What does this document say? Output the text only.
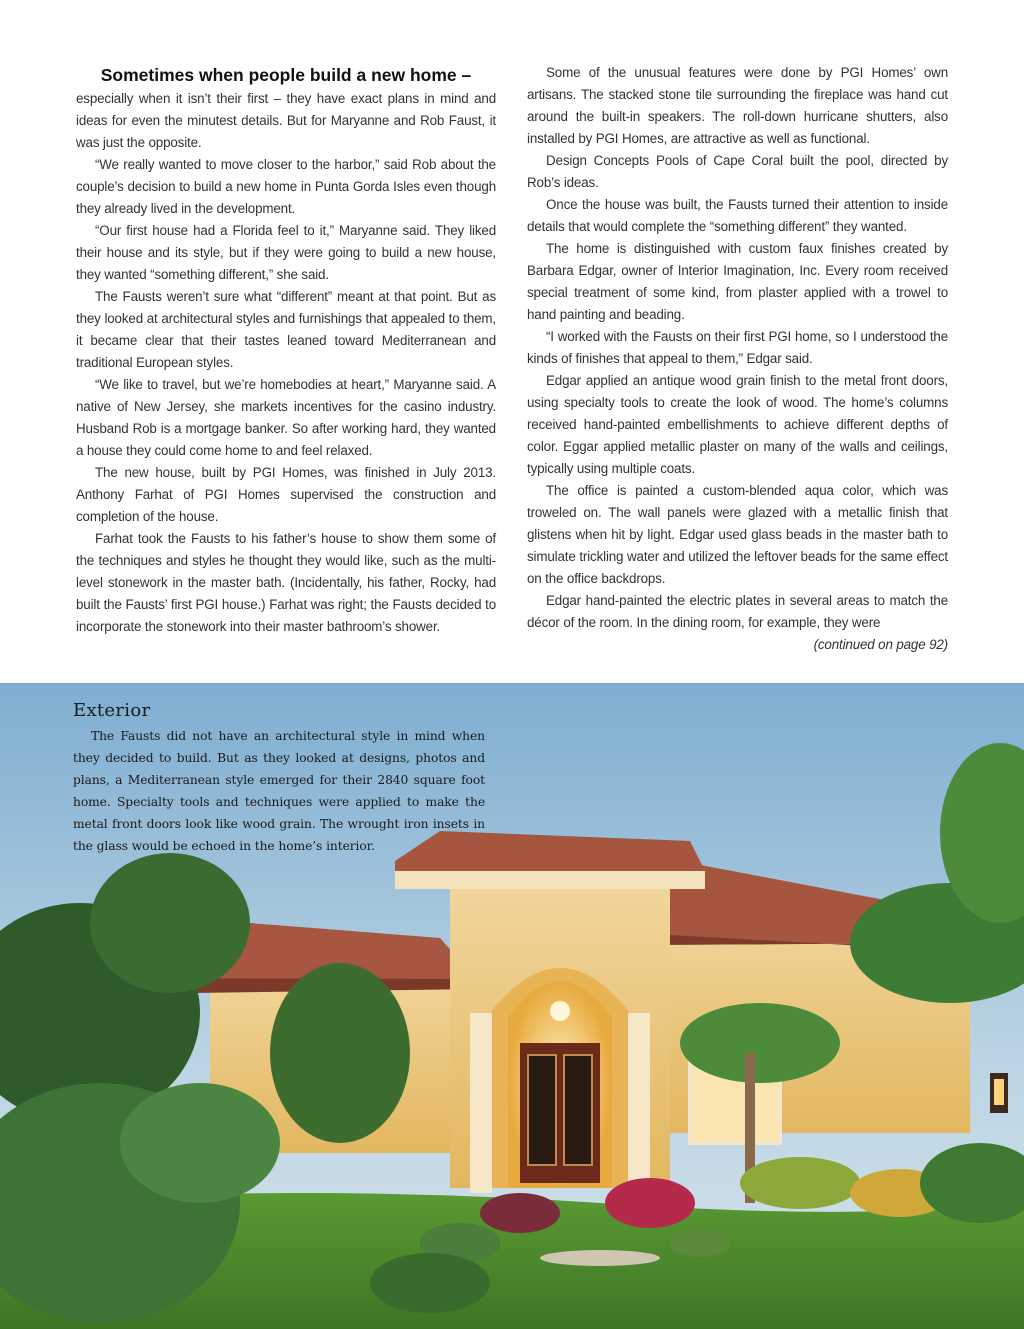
Sometimes when people build a new home –
especially when it isn’t their first – they have exact plans in mind and ideas for even the minutest details. But for Maryanne and Rob Faust, it was just the opposite.

“We really wanted to move closer to the harbor,” said Rob about the couple’s decision to build a new home in Punta Gorda Isles even though they already lived in the development.

“Our first house had a Florida feel to it,” Maryanne said. They liked their house and its style, but if they were going to build a new house, they wanted “something different,” she said.

The Fausts weren’t sure what “different” meant at that point. But as they looked at architectural styles and furnishings that appealed to them, it became clear that their tastes leaned toward Mediterranean and traditional European styles.

“We like to travel, but we’re homebodies at heart,” Maryanne said. A native of New Jersey, she markets incentives for the casino industry. Husband Rob is a mortgage banker. So after working hard, they wanted a house they could come home to and feel relaxed.

The new house, built by PGI Homes, was finished in July 2013. Anthony Farhat of PGI Homes supervised the construction and completion of the house.

Farhat took the Fausts to his father’s house to show them some of the techniques and styles he thought they would like, such as the multi-level stonework in the master bath. (Incidentally, his father, Rocky, had built the Fausts’ first PGI house.) Farhat was right; the Fausts decided to incorporate the stonework into their master bathroom’s shower.

Some of the unusual features were done by PGI Homes’ own artisans. The stacked stone tile surrounding the fireplace was hand cut around the built-in speakers. The roll-down hurricane shutters, also installed by PGI Homes, are attractive as well as functional.

Design Concepts Pools of Cape Coral built the pool, directed by Rob’s ideas.

Once the house was built, the Fausts turned their attention to inside details that would complete the “something different” they wanted.

The home is distinguished with custom faux finishes created by Barbara Edgar, owner of Interior Imagination, Inc. Every room received special treatment of some kind, from plaster applied with a trowel to hand painting and beading.

“I worked with the Fausts on their first PGI home, so I understood the kinds of finishes that appeal to them,” Edgar said.

Edgar applied an antique wood grain finish to the metal front doors, using specialty tools to create the look of wood. The home’s columns received hand-painted embellishments to achieve different depths of color. Eggar applied metallic plaster on many of the walls and ceilings, typically using multiple coats.

The office is painted a custom-blended aqua color, which was troweled on. The wall panels were glazed with a metallic finish that glistens when hit by light. Edgar used glass beads in the master bath to simulate trickling water and utilized the leftover beads for the same effect on the office backdrops.

Edgar hand-painted the electric plates in several areas to match the décor of the room. In the dining room, for example, they were

(continued on page 92)

Exterior

The Fausts did not have an architectural style in mind when they decided to build. But as they looked at designs, photos and plans, a Mediterranean style emerged for their 2840 square foot home. Specialty tools and techniques were applied to make the metal front doors look like wood grain. The wrought iron insets in the glass would be echoed in the home’s interior.
